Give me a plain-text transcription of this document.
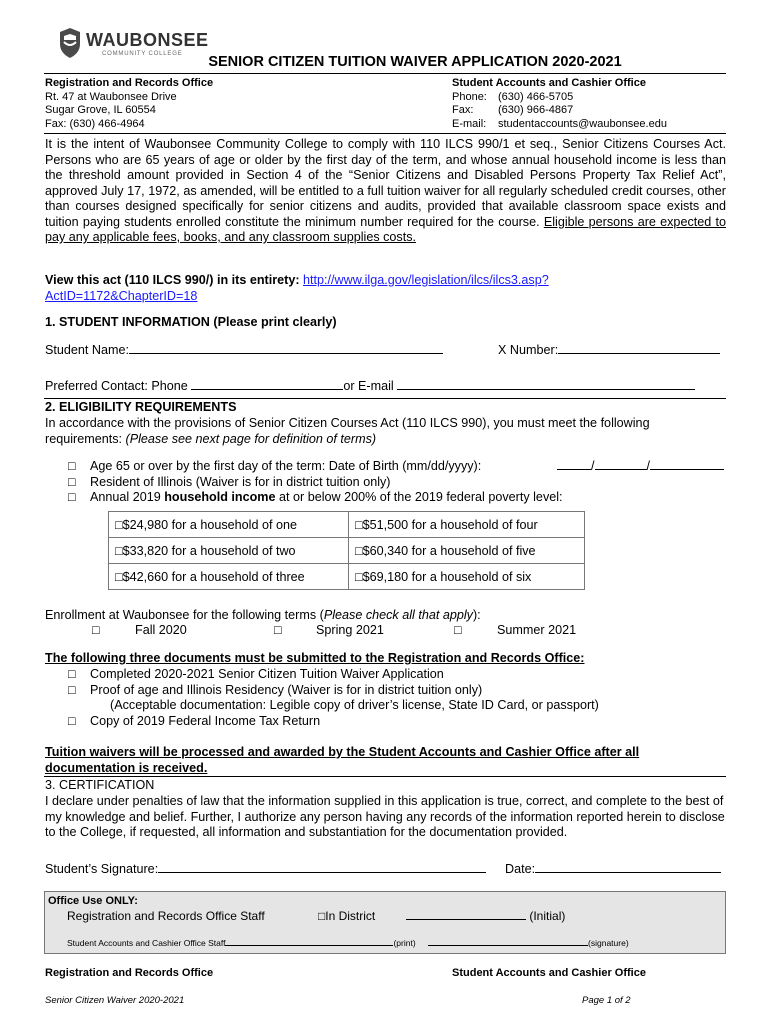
WAUBONSEE
COMMUNITY COLLEGE	SENIOR CITIZEN TUITION WAIVER APPLICATION 2020-2021
Registration and Records Office
Rt. 47 at Waubonsee Drive
Sugar Grove, IL 60554
Fax: (630) 466-4964
Student Accounts and Cashier Office
Phone: (630) 466-5705
Fax: (630) 966-4867
E-mail: studentaccounts@waubonsee.edu
It is the intent of Waubonsee Community College to comply with 110 ILCS 990/1 et seq., Senior Citizens Courses Act. Persons who are 65 years of age or older by the first day of the term, and whose annual household income is less than the threshold amount provided in Section 4 of the “Senior Citizens and Disabled Persons Property Tax Relief Act”, approved July 17, 1972, as amended, will be entitled to a full tuition waiver for all regularly scheduled credit courses, other than courses designed specifically for senior citizens and audits, provided that available classroom space exists and tuition paying students enrolled constitute the minimum number required for the course. Eligible persons are expected to pay any applicable fees, books, and any classroom supplies costs.
View this act (110 ILCS 990/) in its entirety: http://www.ilga.gov/legislation/ilcs/ilcs3.asp?
ActID=1172&ChapterID=18
1. STUDENT INFORMATION (Please print clearly)
Student Name:	X Number:
Preferred Contact: Phone	or E-mail
2. ELIGIBILITY REQUIREMENTS
In accordance with the provisions of Senior Citizen Courses Act (110 ILCS 990), you must meet the following
requirements: (Please see next page for definition of terms)
□ Age 65 or over by the first day of the term: Date of Birth (mm/dd/yyyy):	/	/
□ Resident of Illinois (Waiver is for in district tuition only)
□ Annual 2019 household income at or below 200% of the 2019 federal poverty level:
□$24,980 for a household of one	□$51,500 for a household of four
□$33,820 for a household of two	□$60,340 for a household of five
□$42,660 for a household of three	□$69,180 for a household of six
Enrollment at Waubonsee for the following terms (Please check all that apply):
□	Fall 2020	□	Spring 2021	□	Summer 2021
The following three documents must be submitted to the Registration and Records Office:
□ Completed 2020-2021 Senior Citizen Tuition Waiver Application
□ Proof of age and Illinois Residency (Waiver is for in district tuition only)
(Acceptable documentation: Legible copy of driver’s license, State ID Card, or passport)
□ Copy of 2019 Federal Income Tax Return
Tuition waivers will be processed and awarded by the Student Accounts and Cashier Office after all
documentation is received.
3. CERTIFICATION
I declare under penalties of law that the information supplied in this application is true, correct, and complete to the best of my knowledge and belief. Further, I authorize any person having any records of the information reported herein to disclose to the College, if requested, all information and substantiation for the documentation provided.
Student’s Signature:	Date:
Office Use ONLY:
Registration and Records Office Staff	□In District	(Initial)
Student Accounts and Cashier Office Staff	(print)	(signature)
Registration and Records Office	Student Accounts and Cashier Office
Senior Citizen Waiver 2020-2021	Page 1 of 2
